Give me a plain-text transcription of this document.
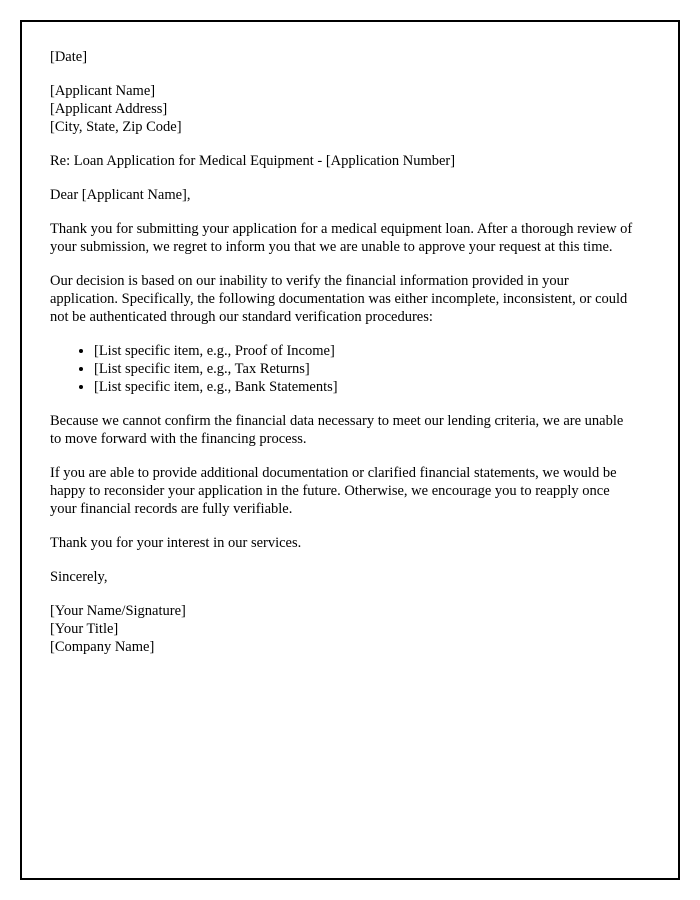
[Date]
[Applicant Name]
[Applicant Address]
[City, State, Zip Code]
Re: Loan Application for Medical Equipment - [Application Number]
Dear [Applicant Name],
Thank you for submitting your application for a medical equipment loan. After a thorough review of your submission, we regret to inform you that we are unable to approve your request at this time.
Our decision is based on our inability to verify the financial information provided in your application. Specifically, the following documentation was either incomplete, inconsistent, or could not be authenticated through our standard verification procedures:
• [List specific item, e.g., Proof of Income]
• [List specific item, e.g., Tax Returns]
• [List specific item, e.g., Bank Statements]
Because we cannot confirm the financial data necessary to meet our lending criteria, we are unable to move forward with the financing process.
If you are able to provide additional documentation or clarified financial statements, we would be happy to reconsider your application in the future. Otherwise, we encourage you to reapply once your financial records are fully verifiable.
Thank you for your interest in our services.
Sincerely,
[Your Name/Signature]
[Your Title]
[Company Name]
